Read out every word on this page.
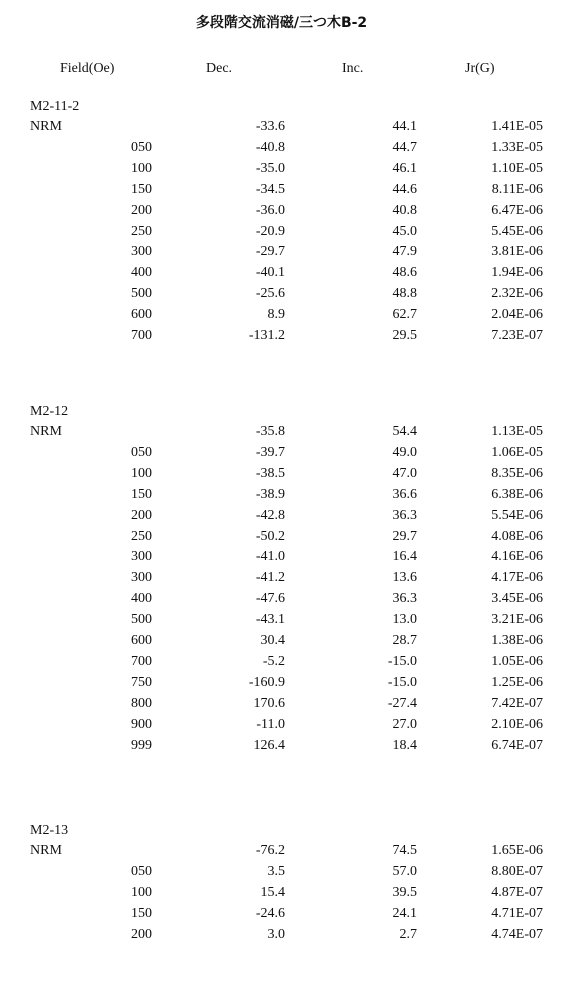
多段階交流消磁/三つ木B-2
Field(Oe)	Dec.	Inc.	Jr(G)
M2-11-2
NRM	-33.6	44.1	1.41E-05
050	-40.8	44.7	1.33E-05
100	-35.0	46.1	1.10E-05
150	-34.5	44.6	8.11E-06
200	-36.0	40.8	6.47E-06
250	-20.9	45.0	5.45E-06
300	-29.7	47.9	3.81E-06
400	-40.1	48.6	1.94E-06
500	-25.6	48.8	2.32E-06
600	8.9	62.7	2.04E-06
700	-131.2	29.5	7.23E-07
M2-12
NRM	-35.8	54.4	1.13E-05
050	-39.7	49.0	1.06E-05
100	-38.5	47.0	8.35E-06
150	-38.9	36.6	6.38E-06
200	-42.8	36.3	5.54E-06
250	-50.2	29.7	4.08E-06
300	-41.0	16.4	4.16E-06
300	-41.2	13.6	4.17E-06
400	-47.6	36.3	3.45E-06
500	-43.1	13.0	3.21E-06
600	30.4	28.7	1.38E-06
700	-5.2	-15.0	1.05E-06
750	-160.9	-15.0	1.25E-06
800	170.6	-27.4	7.42E-07
900	-11.0	27.0	2.10E-06
999	126.4	18.4	6.74E-07
M2-13
NRM	-76.2	74.5	1.65E-06
050	3.5	57.0	8.80E-07
100	15.4	39.5	4.87E-07
150	-24.6	24.1	4.71E-07
200	3.0	2.7	4.74E-07
